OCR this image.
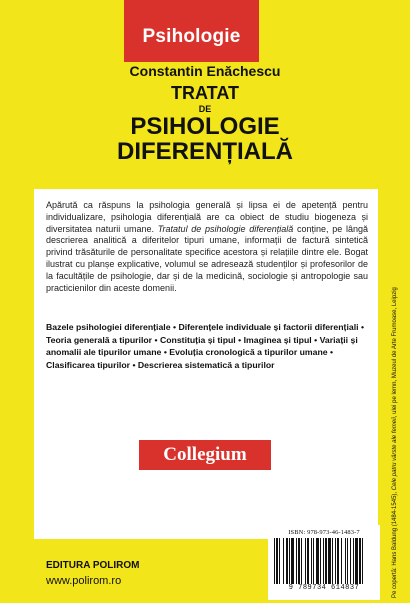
Psihologie
Constantin Enăchescu
TRATAT
DE
PSIHOLOGIE
DIFERENȚIALĂ
Apărută ca răspuns la psihologia generală și lipsa ei de apetență pentru individualizare, psihologia diferențială are ca obiect de studiu biogeneza și diversitatea naturii umane. Tratatul de psihologie diferențială conține, pe lângă descrierea analitică a diferitelor tipuri umane, informații de factură sintetică privind trăsăturile de personalitate specifice acestora și relațiile dintre ele. Bogat ilustrat cu planșe explicative, volumul se adresează studenților și profesorilor de la facultățile de psihologie, dar și de la medicină, sociologie și antropologie sau practicienilor din aceste domenii.
Bazele psihologiei diferențiale • Diferențele individuale și factorii diferențiali • Teoria generală a tipurilor • Constituția și tipul • Imaginea și tipul • Variații și anomalii ale tipurilor umane • Evoluția cronologică a tipurilor umane • Clasificarea tipurilor • Descrierea sistematică a tipurilor
Collegium
EDITURA POLIROM
www.polirom.ro
ISBN: 978-973-46-1483-7
9 789734 614837	Pe copertă: Hans Baldung (1484-1545), Cele patru vârste ale femeii, ulei pe lemn, Muzeul de Arte Frumoase, Leipzig
